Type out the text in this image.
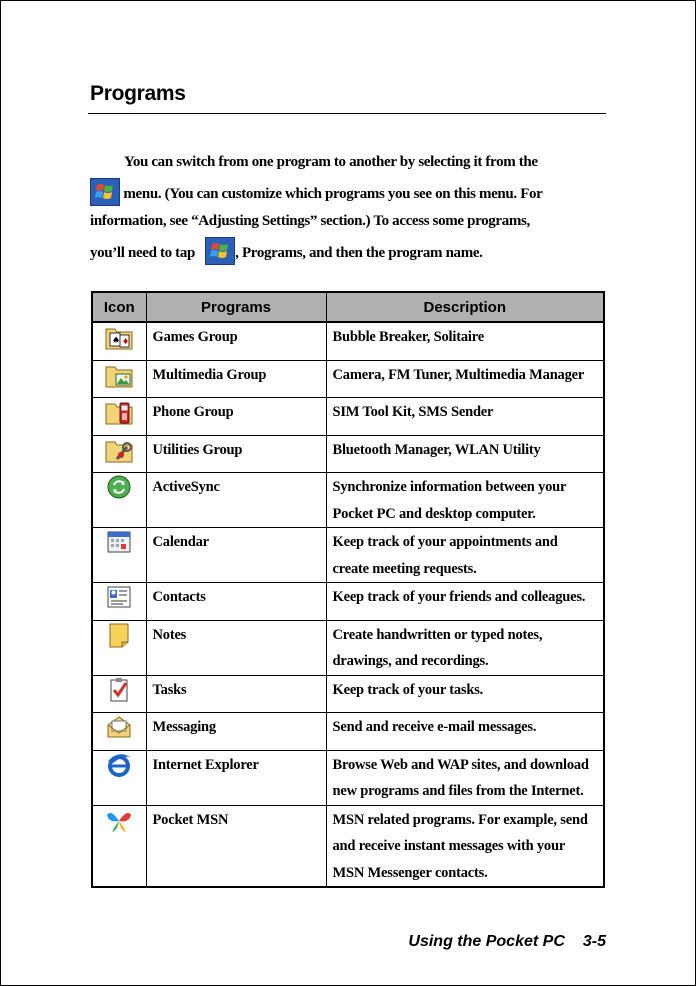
Programs
You can switch from one program to another by selecting it from the
menu. (You can customize which programs you see on this menu. For
information, see “Adjusting Settings” section.) To access some programs,
you’ll need to tap	, Programs, and then the program name.
Icon	Programs	Description

♠ ♦	Games Group	Bubble Breaker, Solitaire
	Multimedia Group	Camera, FM Tuner, Multimedia Manager
	Phone Group	SIM Tool Kit, SMS Sender
	Utilities Group	Bluetooth Manager, WLAN Utility
	ActiveSync	Synchronize information between your Pocket PC and desktop computer.
	Calendar	Keep track of your appointments and create meeting requests.
	Contacts	Keep track of your friends and colleagues.
	Notes	Create handwritten or typed notes, drawings, and recordings.
	Tasks	Keep track of your tasks.
	Messaging	Send and receive e-mail messages.
	Internet Explorer	Browse Web and WAP sites, and download new programs and files from the Internet.
	Pocket MSN	MSN related programs. For example, send and receive instant messages with your MSN Messenger contacts.
Using the Pocket PC 3-5
